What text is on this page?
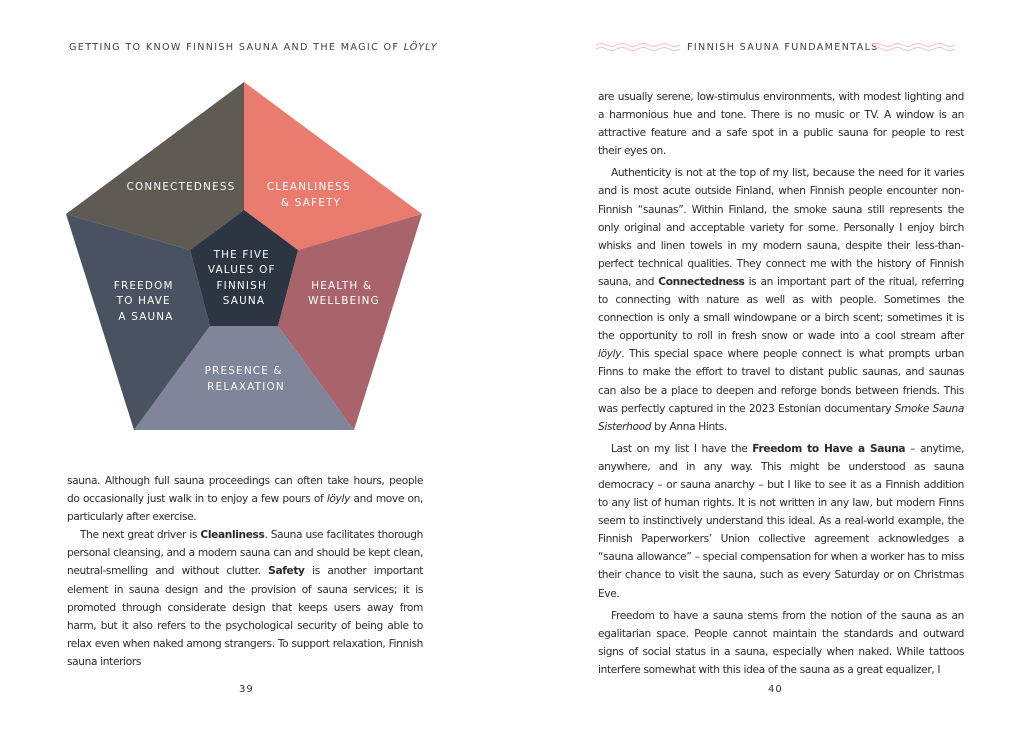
GETTING TO KNOW FINNISH SAUNA AND THE MAGIC OF LÖYLY
CONNECTEDNESS	CLEANLINESS & SAFETY
HEALTH & WELLBEING
PRESENCE & RELAXATION
FREEDOM TO HAVE A SAUNA
THE FIVE VALUES OF FINNISH SAUNA

sauna. Although full sauna proceedings can often take hours, people do occasionally just walk in to enjoy a few pours of löyly and move on, particularly after exercise.

The next great driver is Cleanliness. Sauna use facilitates thorough personal cleansing, and a modern sauna can and should be kept clean, neutral-smelling and without clutter. Safety is another important element in sauna design and the provision of sauna services; it is promoted through considerate design that keeps users away from harm, but it also refers to the psychological security of being able to relax even when naked among strangers. To support relaxation, Finnish sauna interiors

39
FINNISH SAUNA FUNDAMENTALS

are usually serene, low-stimulus environments, with modest lighting and a harmonious hue and tone. There is no music or TV. A window is an attractive feature and a safe spot in a public sauna for people to rest their eyes on.

Authenticity is not at the top of my list, because the need for it varies and is most acute outside Finland, when Finnish people encounter non-Finnish “saunas”. Within Finland, the smoke sauna still represents the only original and acceptable variety for some. Personally I enjoy birch whisks and linen towels in my modern sauna, despite their less-than-perfect technical qualities. They connect me with the history of Finnish sauna, and Connectedness is an important part of the ritual, referring to connecting with nature as well as with people. Sometimes the connection is only a small windowpane or a birch scent; sometimes it is the opportunity to roll in fresh snow or wade into a cool stream after löyly. This special space where people connect is what prompts urban Finns to make the effort to travel to distant public saunas, and saunas can also be a place to deepen and reforge bonds between friends. This was perfectly captured in the 2023 Estonian documentary Smoke Sauna Sisterhood by Anna Hints.

Last on my list I have the Freedom to Have a Sauna – anytime, anywhere, and in any way. This might be understood as sauna democracy – or sauna anarchy – but I like to see it as a Finnish addition to any list of human rights. It is not written in any law, but modern Finns seem to instinctively understand this ideal. As a real-world example, the Finnish Paperworkers’ Union collective agreement acknowledges a “sauna allowance” – special compensation for when a worker has to miss their chance to visit the sauna, such as every Saturday or on Christmas Eve.

Freedom to have a sauna stems from the notion of the sauna as an egalitarian space. People cannot maintain the standards and outward signs of social status in a sauna, especially when naked. While tattoos interfere somewhat with this idea of the sauna as a great equalizer, I

40
